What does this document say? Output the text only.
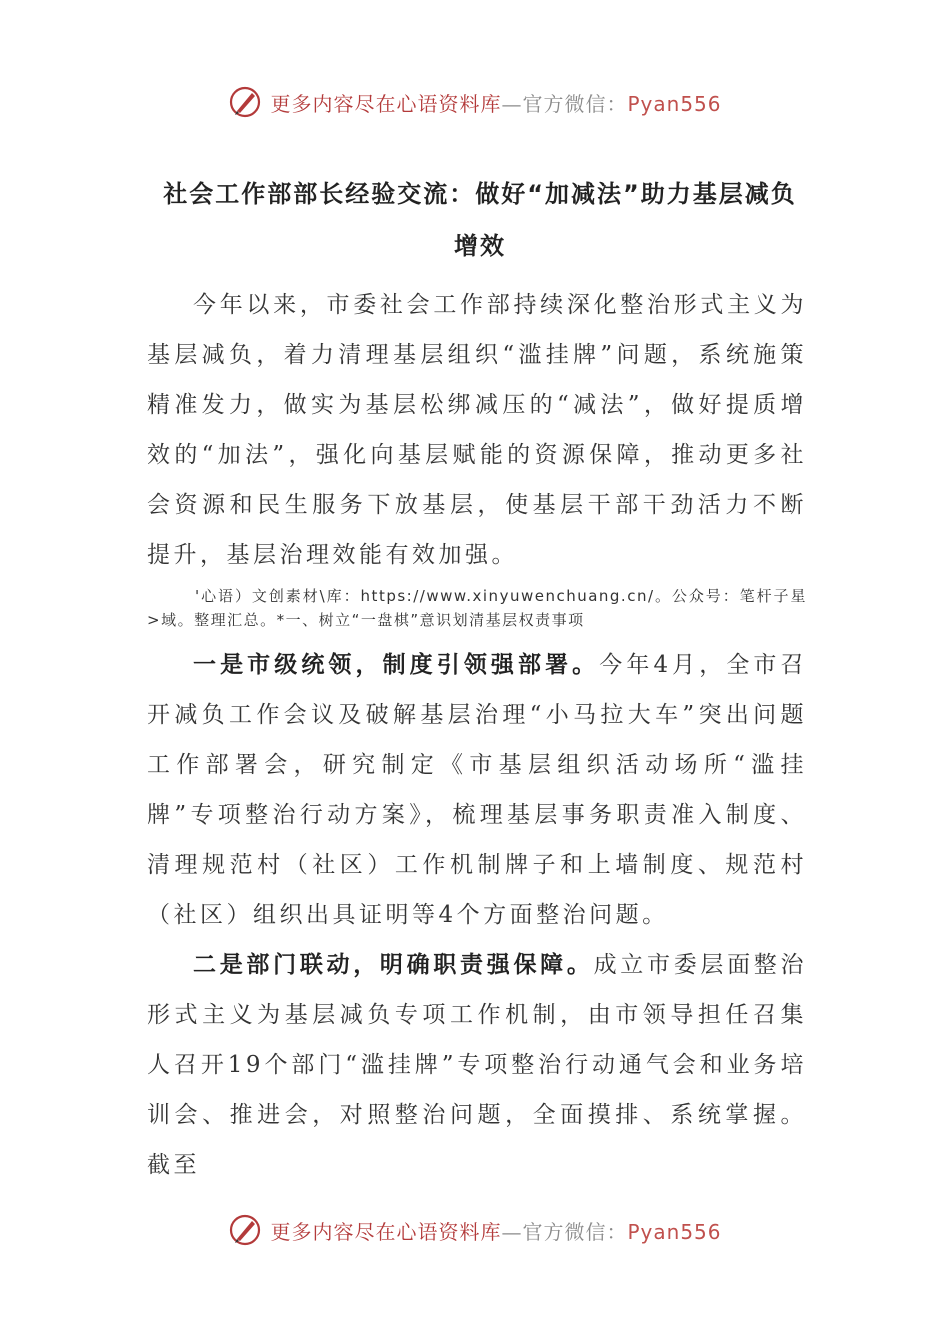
更多内容尽在心语资料库—官方微信：Pyan556
社会工作部部长经验交流：做好“加减法”助力基层减负
增效

今年以来，市委社会工作部持续深化整治形式主义为基层减负，着力清理基层组织“滥挂牌”问题，系统施策精准发力，做实为基层松绑减压的“减法”，做好提质增效的“加法”，强化向基层赋能的资源保障，推动更多社会资源和民生服务下放基层，使基层干部干劲活力不断提升，基层治理效能有效加强。

'心语）文创素材\库：https://www.xinyuwenchuang.cn/。公众号：笔杆子星>域。整理汇总。*一、树立“一盘棋”意识划清基层权责事项

一是市级统领，制度引领强部署。今年4月，全市召开减负工作会议及破解基层治理“小马拉大车”突出问题工作部署会，研究制定《市基层组织活动场所“滥挂牌”专项整治行动方案》，梳理基层事务职责准入制度、清理规范村（社区）工作机制牌子和上墙制度、规范村（社区）组织出具证明等4个方面整治问题。

二是部门联动，明确职责强保障。成立市委层面整治形式主义为基层减负专项工作机制，由市领导担任召集人召开19个部门“滥挂牌”专项整治行动通气会和业务培训会、推进会，对照整治问题，全面摸排、系统掌握。截至

更多内容尽在心语资料库—官方微信：Pyan556
